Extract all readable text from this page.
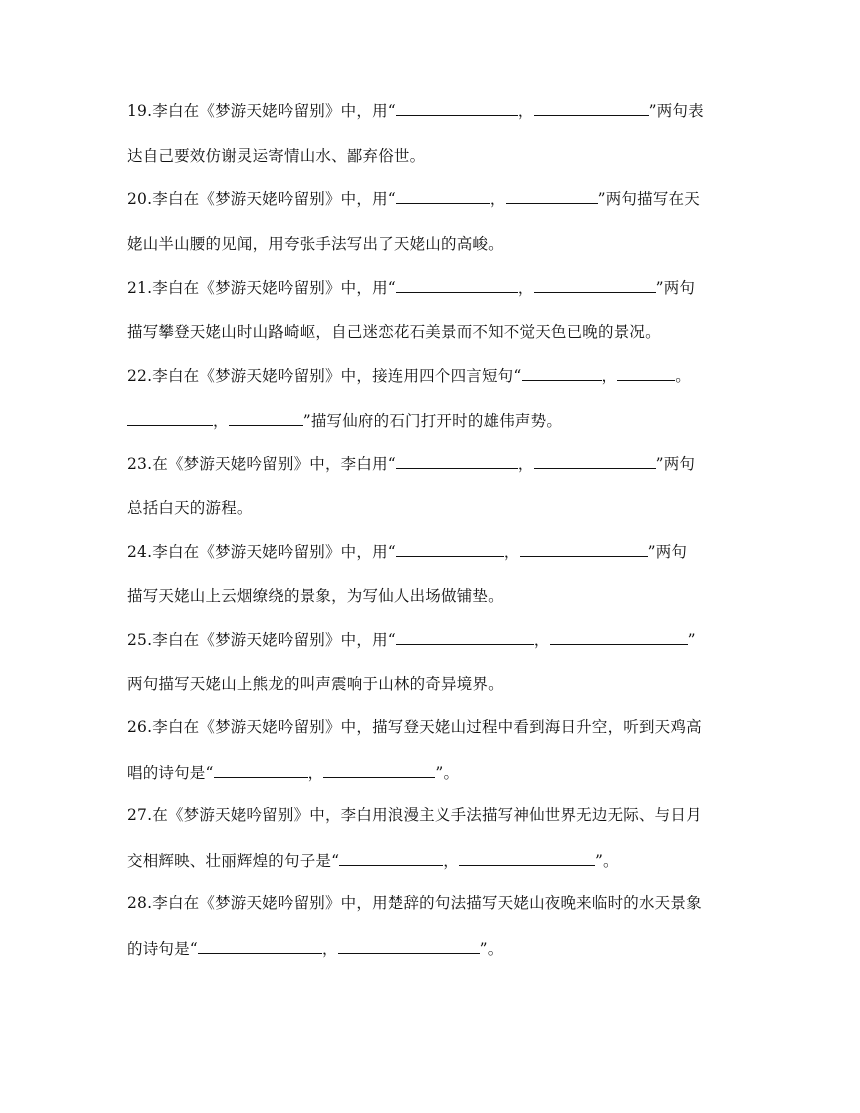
19.李白在《梦游天姥吟留别》中，用“	，	”两句表
达自己要效仿谢灵运寄情山水、鄙弃俗世。
20.李白在《梦游天姥吟留别》中，用“	，	”两句描写在天
姥山半山腰的见闻，用夸张手法写出了天姥山的高峻。
21.李白在《梦游天姥吟留别》中，用“	，	”两句
描写攀登天姥山时山路崎岖，自己迷恋花石美景而不知不觉天色已晚的景况。
22.李白在《梦游天姥吟留别》中，接连用四个四言短句“	，	。
，	”描写仙府的石门打开时的雄伟声势。
23.在《梦游天姥吟留别》中，李白用“	，	”两句
总括白天的游程。
24.李白在《梦游天姥吟留别》中，用“	，	”两句
描写天姥山上云烟缭绕的景象，为写仙人出场做铺垫。
25.李白在《梦游天姥吟留别》中，用“	，	”
两句描写天姥山上熊龙的叫声震响于山林的奇异境界。
26.李白在《梦游天姥吟留别》中，描写登天姥山过程中看到海日升空，听到天鸡高
唱的诗句是“	，	”。
27.在《梦游天姥吟留别》中，李白用浪漫主义手法描写神仙世界无边无际、与日月
交相辉映、壮丽辉煌的句子是“	，	”。
28.李白在《梦游天姥吟留别》中，用楚辞的句法描写天姥山夜晚来临时的水天景象
的诗句是“	，	”。
